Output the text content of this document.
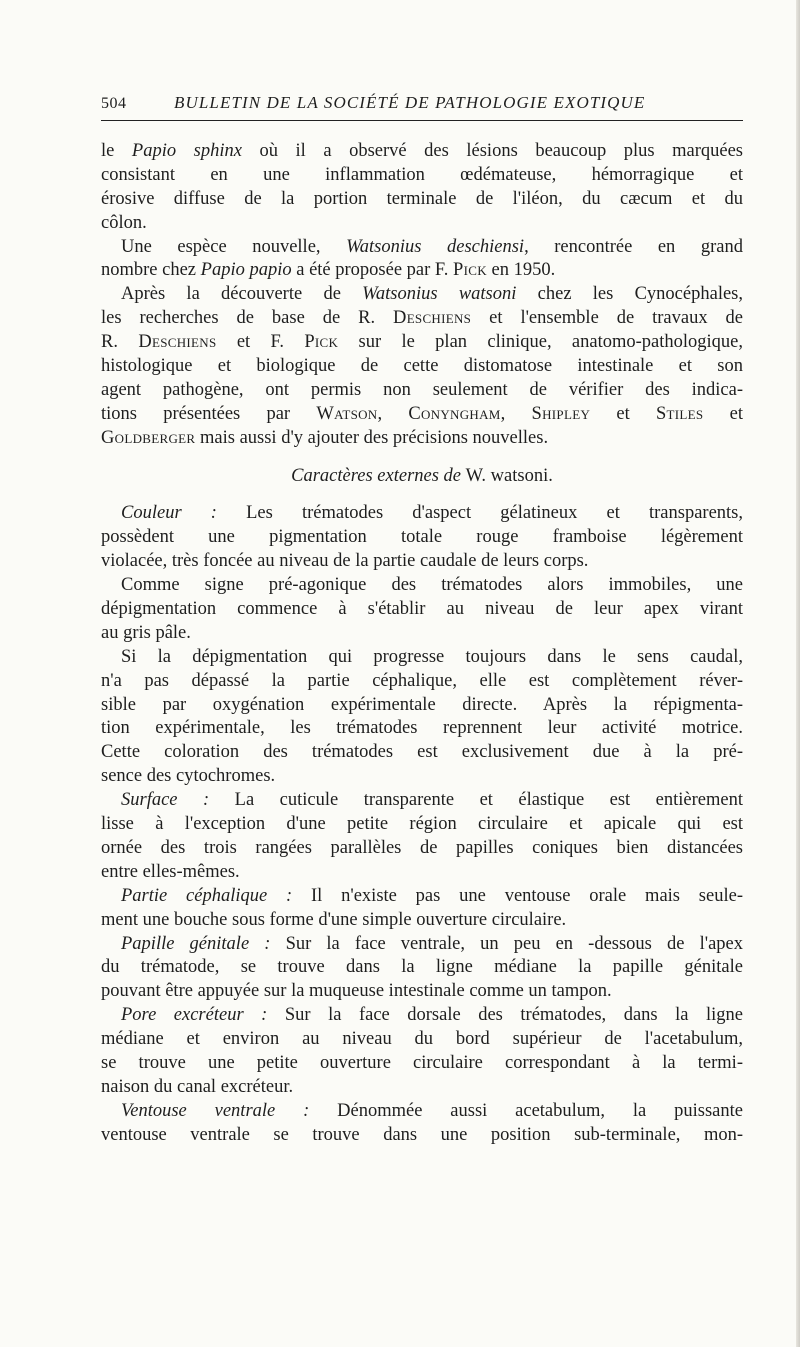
504	BULLETIN DE LA SOCIÉTÉ DE PATHOLOGIE EXOTIQUE
le Papio sphinx où il a observé des lésions beaucoup plus marquées
consistant en une inflammation œdémateuse, hémorragique et
érosive diffuse de la portion terminale de l'iléon, du cæcum et du
côlon.
Une espèce nouvelle, Watsonius deschiensi, rencontrée en grand
nombre chez Papio papio a été proposée par F. Pick en 1950.
Après la découverte de Watsonius watsoni chez les Cynocéphales,
les recherches de base de R. Deschiens et l'ensemble de travaux de
R. Deschiens et F. Pick sur le plan clinique, anatomo-pathologique,
histologique et biologique de cette distomatose intestinale et son
agent pathogène, ont permis non seulement de vérifier des indica-
tions présentées par Watson, Conyngham, Shipley et Stiles et
Goldberger mais aussi d'y ajouter des précisions nouvelles.
Caractères externes de W. watsoni.
Couleur : Les trématodes d'aspect gélatineux et transparents,
possèdent une pigmentation totale rouge framboise légèrement
violacée, très foncée au niveau de la partie caudale de leurs corps.
Comme signe pré-agonique des trématodes alors immobiles, une
dépigmentation commence à s'établir au niveau de leur apex virant
au gris pâle.
Si la dépigmentation qui progresse toujours dans le sens caudal,
n'a pas dépassé la partie céphalique, elle est complètement réver-
sible par oxygénation expérimentale directe. Après la répigmenta-
tion expérimentale, les trématodes reprennent leur activité motrice.
Cette coloration des trématodes est exclusivement due à la pré-
sence des cytochromes.
Surface : La cuticule transparente et élastique est entièrement
lisse à l'exception d'une petite région circulaire et apicale qui est
ornée des trois rangées parallèles de papilles coniques bien distancées
entre elles-mêmes.
Partie céphalique : Il n'existe pas une ventouse orale mais seule-
ment une bouche sous forme d'une simple ouverture circulaire.
Papille génitale : Sur la face ventrale, un peu en -dessous de l'apex
du trématode, se trouve dans la ligne médiane la papille génitale
pouvant être appuyée sur la muqueuse intestinale comme un tampon.
Pore excréteur : Sur la face dorsale des trématodes, dans la ligne
médiane et environ au niveau du bord supérieur de l'acetabulum,
se trouve une petite ouverture circulaire correspondant à la termi-
naison du canal excréteur.
Ventouse ventrale : Dénommée aussi acetabulum, la puissante
ventouse ventrale se trouve dans une position sub-terminale, mon-
